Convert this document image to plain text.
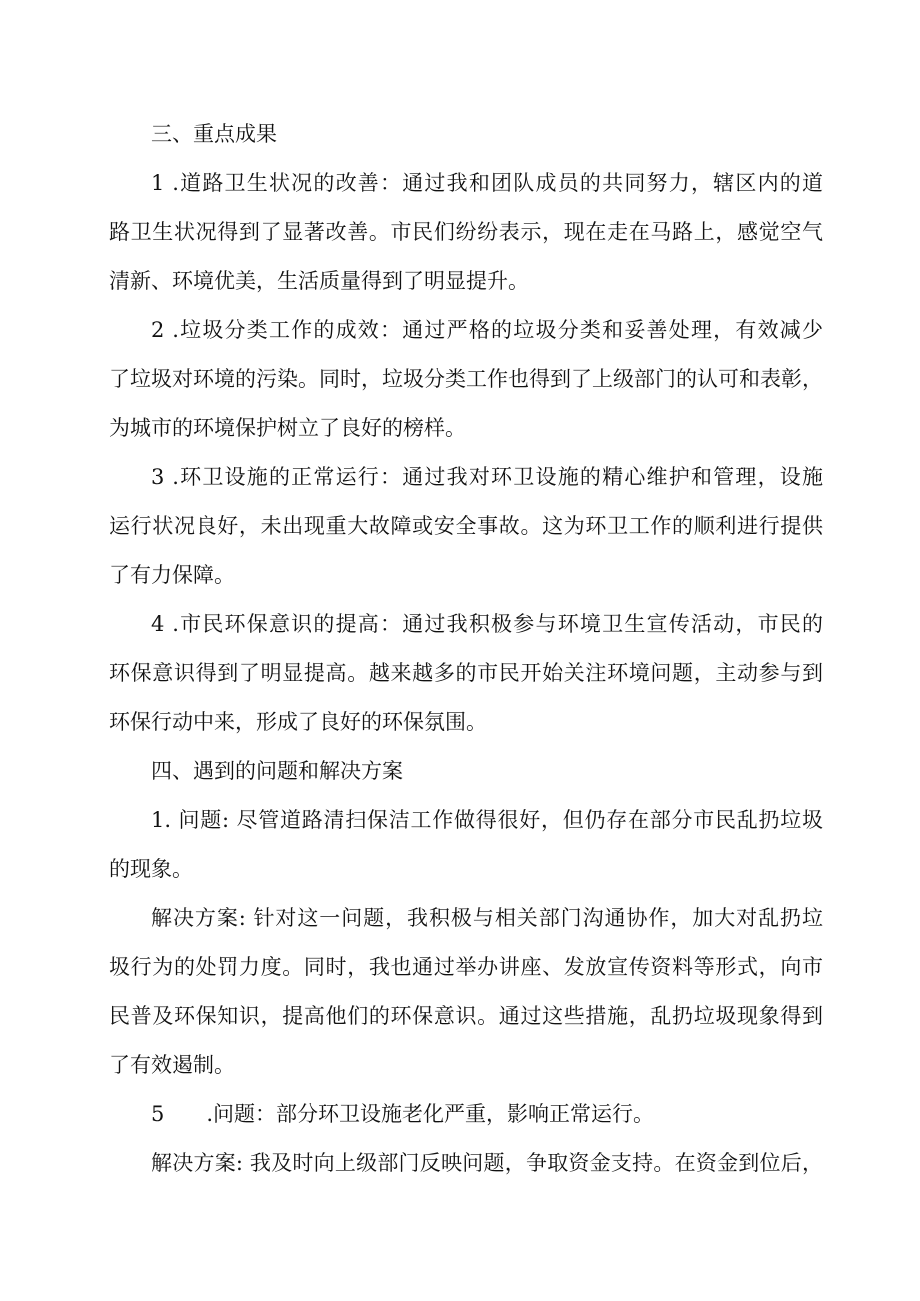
三、重点成果
1 .道路卫生状况的改善：通过我和团队成员的共同努力，辖区内的道
路卫生状况得到了显著改善。市民们纷纷表示，现在走在马路上，感觉空气
清新、环境优美，生活质量得到了明显提升。
2 .垃圾分类工作的成效：通过严格的垃圾分类和妥善处理，有效减少
了垃圾对环境的污染。同时，垃圾分类工作也得到了上级部门的认可和表彰，
为城市的环境保护树立了良好的榜样。
3 .环卫设施的正常运行：通过我对环卫设施的精心维护和管理，设施
运行状况良好，未出现重大故障或安全事故。这为环卫工作的顺利进行提供
了有力保障。
4 .市民环保意识的提高：通过我积极参与环境卫生宣传活动，市民的
环保意识得到了明显提高。越来越多的市民开始关注环境问题，主动参与到
环保行动中来，形成了良好的环保氛围。
四、遇到的问题和解决方案
1. 问题: 尽管道路清扫保洁工作做得很好，但仍存在部分市民乱扔垃圾
的现象。
解决方案: 针对这一问题，我积极与相关部门沟通协作，加大对乱扔垃
圾行为的处罚力度。同时，我也通过举办讲座、发放宣传资料等形式，向市
民普及环保知识，提高他们的环保意识。通过这些措施，乱扔垃圾现象得到
了有效遏制。
5　　.问题：部分环卫设施老化严重，影响正常运行。
解决方案: 我及时向上级部门反映问题，争取资金支持。在资金到位后，
